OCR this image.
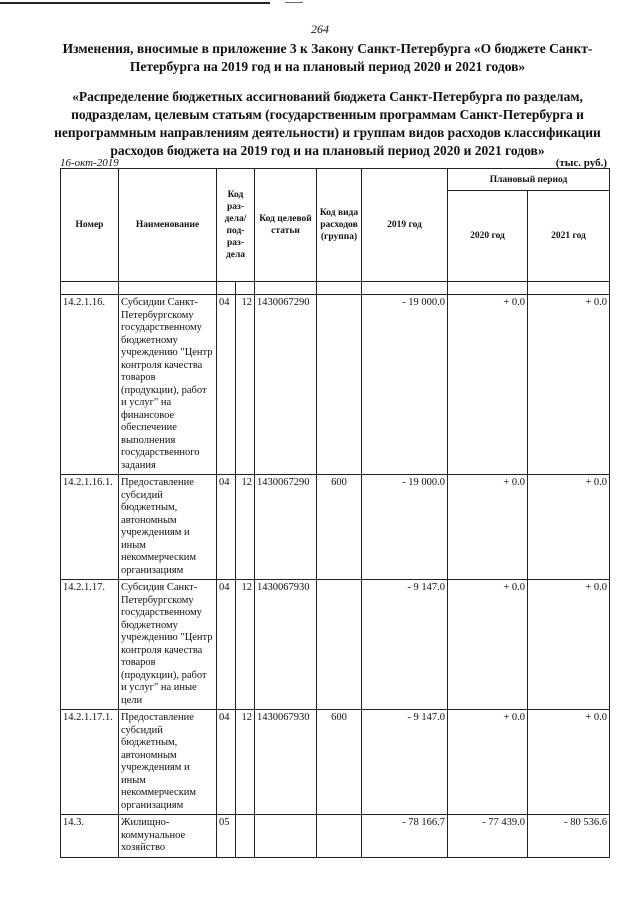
264
Изменения, вносимые в приложение 3 к Закону Санкт-Петербурга «О бюджете Санкт-Петербурга на 2019 год и на плановый период 2020 и 2021 годов»
«Распределение бюджетных ассигнований бюджета Санкт-Петербурга по разделам, подразделам, целевым статьям (государственным программам Санкт-Петербурга и непрограммным направлениям деятельности) и группам видов расходов классификации расходов бюджета на 2019 год и на плановый период 2020 и 2021 годов»
16-окт-2019	(тыс. руб.)
Номер	Наименование	Код раз- дела/ под- раз- дела		Код целевой статьи	Код вида расходов (группа)	2019 год	Плановый период	
							2020 год	2021 год

14.2.1.16.	Субсидии Санкт-Петербургскому государственному бюджетному учреждению "Центр контроля качества товаров (продукции), работ и услуг" на финансовое обеспечение выполнения государственного задания	04	12	1430067290		- 19 000.0	+ 0.0	+ 0.0
14.2.1.16.1.	Предоставление субсидий бюджетным, автономным учреждениям и иным некоммерческим организациям	04	12	1430067290	600	- 19 000.0	+ 0.0	+ 0.0
14.2.1.17.	Субсидия Санкт-Петербургскому государственному бюджетному учреждению "Центр контроля качества товаров (продукции), работ и услуг" на иные цели	04	12	1430067930		- 9 147.0	+ 0.0	+ 0.0
14.2.1.17.1.	Предоставление субсидий бюджетным, автономным учреждениям и иным некоммерческим организациям	04	12	1430067930	600	- 9 147.0	+ 0.0	+ 0.0
14.3.	Жилищно-коммунальное хозяйство	05				- 78 166.7	- 77 439.0	- 80 536.6
